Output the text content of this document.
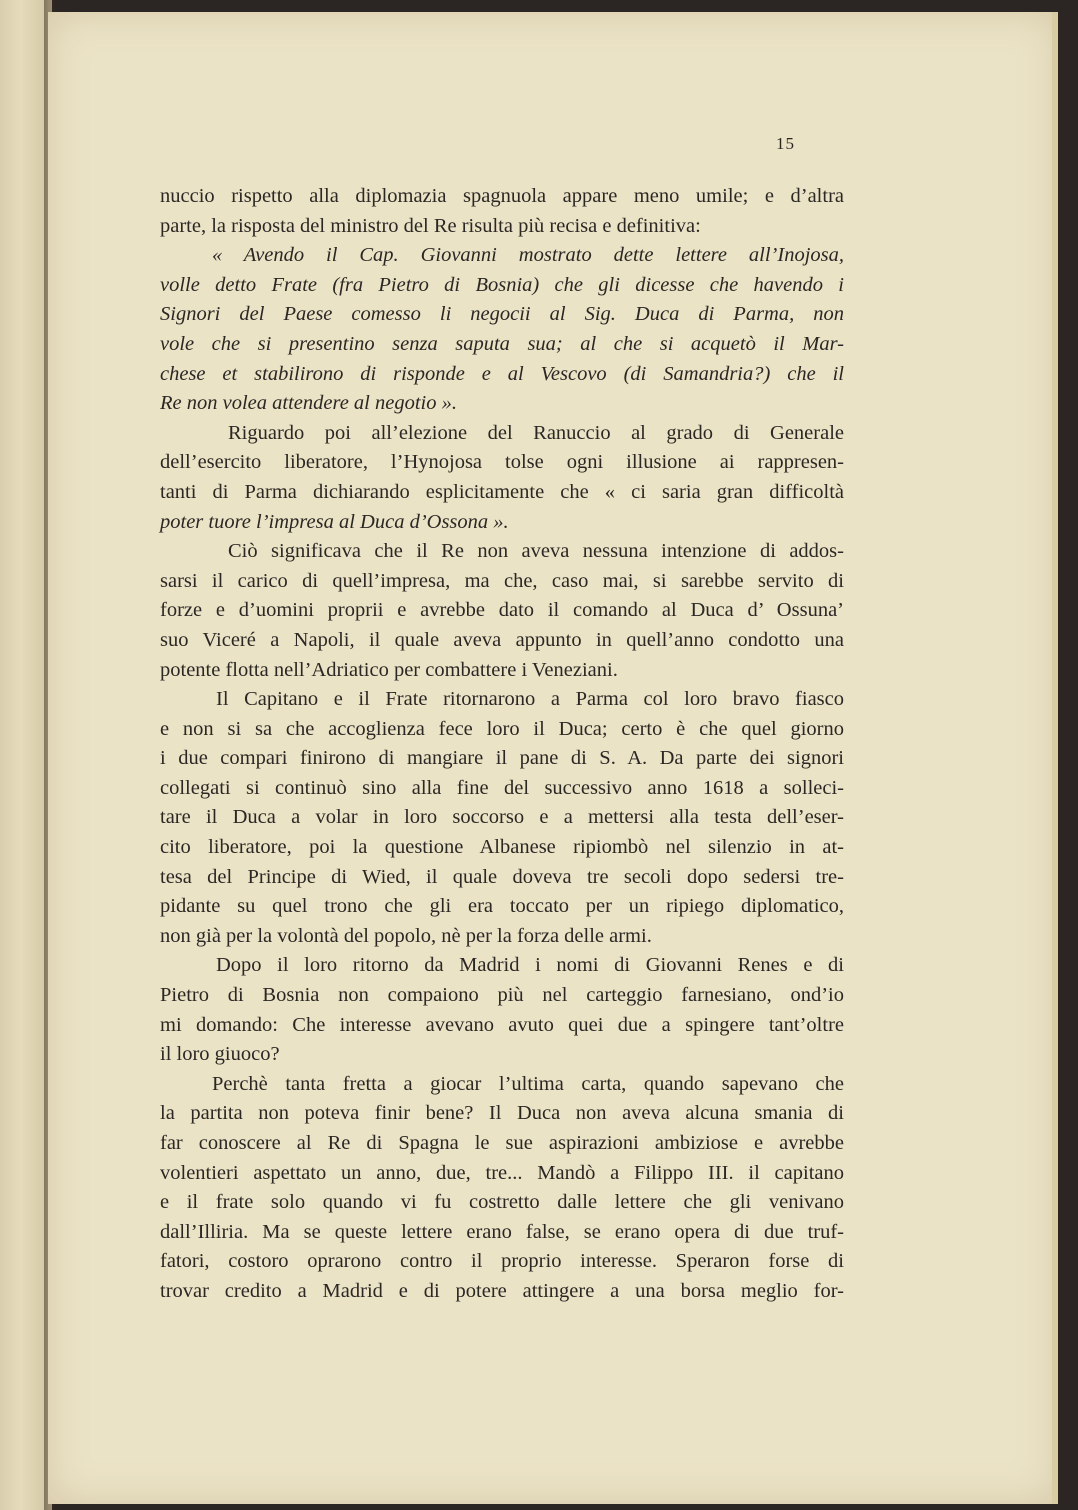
15

nuccio rispetto alla diplomazia spagnuola appare meno umile; e d’altra
parte, la risposta del ministro del Re risulta più recisa e definitiva:

« Avendo il Cap. Giovanni mostrato dette lettere all’Inojosa,
volle detto Frate (fra Pietro di Bosnia) che gli dicesse che havendo i
Signori del Paese comesso li negocii al Sig. Duca di Parma, non
vole che si presentino senza saputa sua; al che si acquetò il Mar-
chese et stabilirono di risponde e al Vescovo (di Samandria?) che il
Re non volea attendere al negotio ».

Riguardo poi all’elezione del Ranuccio al grado di Generale
dell’esercito liberatore, l’Hynojosa tolse ogni illusione ai rappresen-
tanti di Parma dichiarando esplicitamente che « ci saria gran difficoltà
poter tuore l’impresa al Duca d’Ossona ».

Ciò significava che il Re non aveva nessuna intenzione di addos-
sarsi il carico di quell’impresa, ma che, caso mai, si sarebbe servito di
forze e d’uomini proprii e avrebbe dato il comando al Duca d’ Ossuna’
suo Viceré a Napoli, il quale aveva appunto in quell’anno condotto una
potente flotta nell’Adriatico per combattere i Veneziani.

Il Capitano e il Frate ritornarono a Parma col loro bravo fiasco
e non si sa che accoglienza fece loro il Duca; certo è che quel giorno
i due compari finirono di mangiare il pane di S. A. Da parte dei signori
collegati si continuò sino alla fine del successivo anno 1618 a solleci-
tare il Duca a volar in loro soccorso e a mettersi alla testa dell’eser-
cito liberatore, poi la questione Albanese ripiombò nel silenzio in at-
tesa del Principe di Wied, il quale doveva tre secoli dopo sedersi tre-
pidante su quel trono che gli era toccato per un ripiego diplomatico,
non già per la volontà del popolo, nè per la forza delle armi.

Dopo il loro ritorno da Madrid i nomi di Giovanni Renes e di
Pietro di Bosnia non compaiono più nel carteggio farnesiano, ond’io
mi domando: Che interesse avevano avuto quei due a spingere tant’oltre
il loro giuoco?

Perchè tanta fretta a giocar l’ultima carta, quando sapevano che
la partita non poteva finir bene? Il Duca non aveva alcuna smania di
far conoscere al Re di Spagna le sue aspirazioni ambiziose e avrebbe
volentieri aspettato un anno, due, tre... Mandò a Filippo III. il capitano
e il frate solo quando vi fu costretto dalle lettere che gli venivano
dall’Illiria. Ma se queste lettere erano false, se erano opera di due truf-
fatori, costoro oprarono contro il proprio interesse. Speraron forse di
trovar credito a Madrid e di potere attingere a una borsa meglio for-
